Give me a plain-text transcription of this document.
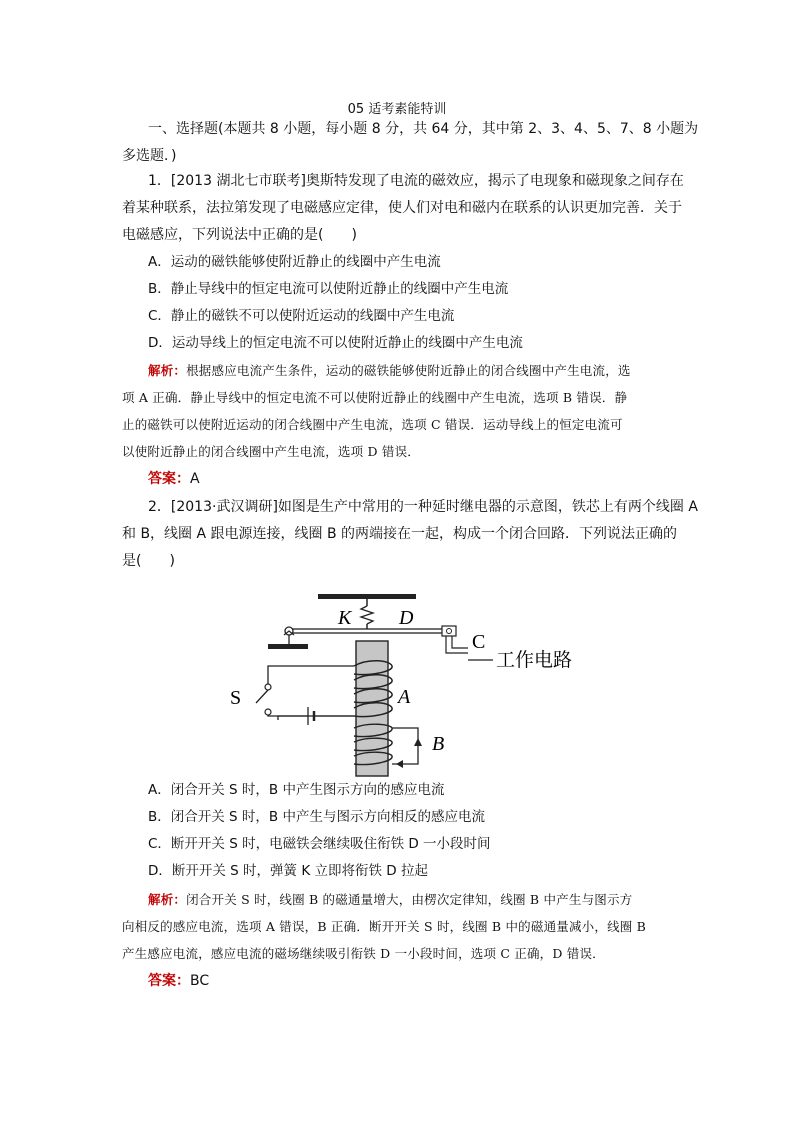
05 适考素能特训
一、选择题(本题共 8 小题，每小题 8 分，共 64 分，其中第 2、3、4、5、7、8 小题为
多选题．)
1．[2013 湖北七市联考]奥斯特发现了电流的磁效应，揭示了电现象和磁现象之间存在
着某种联系，法拉第发现了电磁感应定律，使人们对电和磁内在联系的认识更加完善．关于
电磁感应，下列说法中正确的是(　　)
A．运动的磁铁能够使附近静止的线圈中产生电流
B．静止导线中的恒定电流可以使附近静止的线圈中产生电流
C．静止的磁铁不可以使附近运动的线圈中产生电流
D．运动导线上的恒定电流不可以使附近静止的线圈中产生电流
解析：根据感应电流产生条件，运动的磁铁能够使附近静止的闭合线圈中产生电流，选
项 A 正确．静止导线中的恒定电流不可以使附近静止的线圈中产生电流，选项 B 错误．静
止的磁铁可以使附近运动的闭合线圈中产生电流，选项 C 错误．运动导线上的恒定电流可
以使附近静止的闭合线圈中产生电流，选项 D 错误．
答案：A
2．[2013·武汉调研]如图是生产中常用的一种延时继电器的示意图，铁芯上有两个线圈 A
和 B，线圈 A 跟电源连接，线圈 B 的两端接在一起，构成一个闭合回路．下列说法正确的
是(　　)
K D
C
工作电路
S	A
B
A．闭合开关 S 时，B 中产生图示方向的感应电流
B．闭合开关 S 时，B 中产生与图示方向相反的感应电流
C．断开开关 S 时，电磁铁会继续吸住衔铁 D 一小段时间
D．断开开关 S 时，弹簧 K 立即将衔铁 D 拉起
解析：闭合开关 S 时，线圈 B 的磁通量增大，由楞次定律知，线圈 B 中产生与图示方
向相反的感应电流，选项 A 错误，B 正确．断开开关 S 时，线圈 B 中的磁通量减小，线圈 B
产生感应电流，感应电流的磁场继续吸引衔铁 D 一小段时间，选项 C 正确，D 错误．
答案：BC
